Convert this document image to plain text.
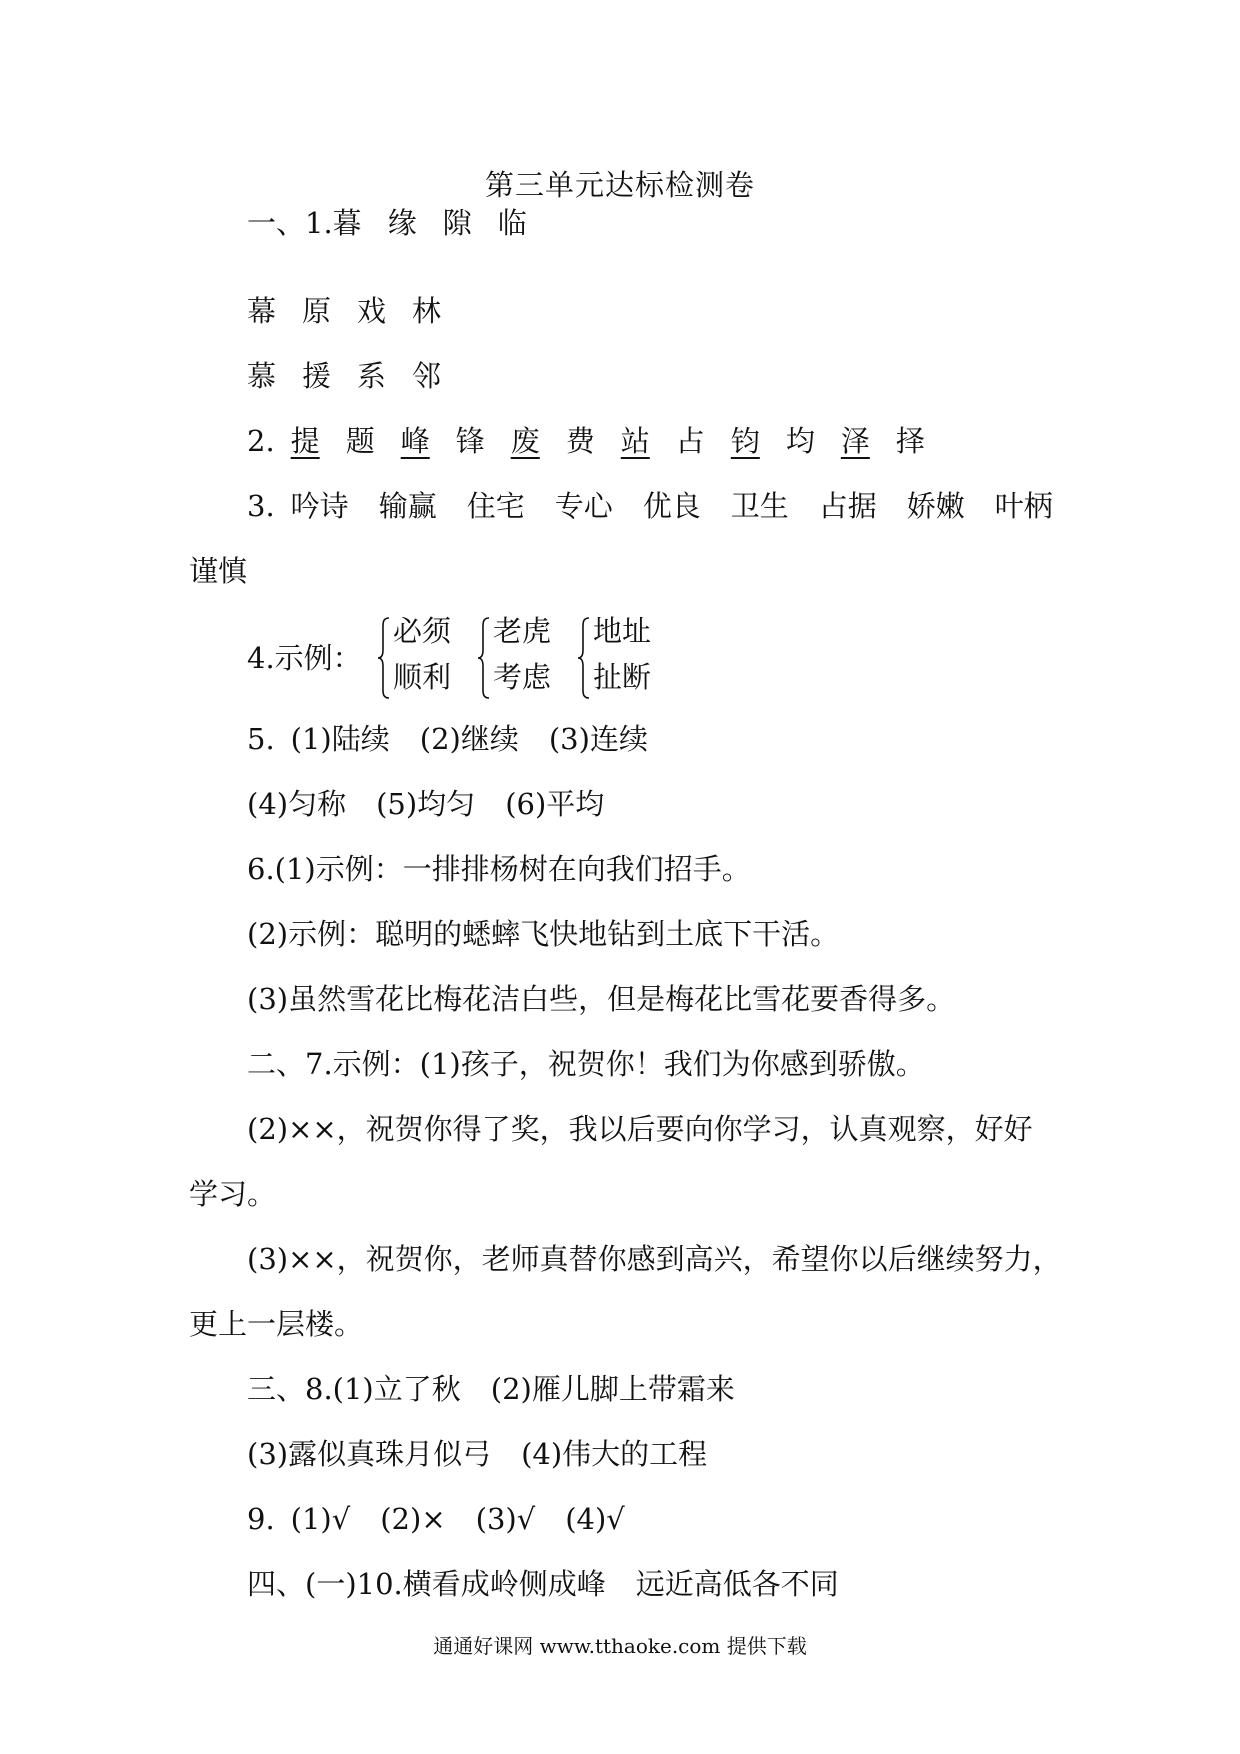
第三单元达标检测卷
一、1.暮 缘 隙 临
幕 原 戏 林
慕 援 系 邻
2. 提 题 峰 锋 废 费 站 占 钧 均 泽 择
3. 吟诗 输赢 住宅 专心 优良 卫生 占据 娇嫩 叶柄
谨慎
4.示例：
必须
顺利
老虎
考虑
地址
扯断
5. (1)陆续 (2)继续 (3)连续
(4)匀称 (5)均匀 (6)平均
6.(1)示例：一排排杨树在向我们招手。
(2)示例：聪明的蟋蟀飞快地钻到土底下干活。
(3)虽然雪花比梅花洁白些，但是梅花比雪花要香得多。
二、7.示例：(1)孩子，祝贺你！我们为你感到骄傲。
(2)××，祝贺你得了奖，我以后要向你学习，认真观察，好好
学习。
(3)××，祝贺你，老师真替你感到高兴，希望你以后继续努力，
更上一层楼。
三、8.(1)立了秋 (2)雁儿脚上带霜来
(3)露似真珠月似弓 (4)伟大的工程
9. (1)√ (2)× (3)√ (4)√
四、(一)10.横看成岭侧成峰 远近高低各不同
通通好课网 www.tthaoke.com 提供下载
